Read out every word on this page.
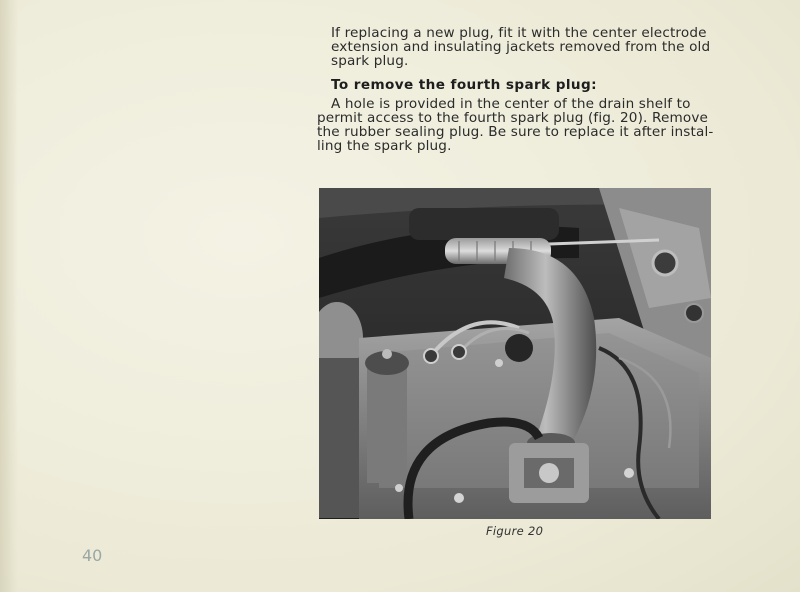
If replacing a new plug, fit it with the center electrode
extension and insulating jackets removed from the old
spark plug.

To remove the fourth spark plug:

A hole is provided in the center of the drain shelf to
permit access to the fourth spark plug (fig. 20). Remove
the rubber sealing plug. Be sure to replace it after instal-
ling the spark plug.

Figure 20
40
